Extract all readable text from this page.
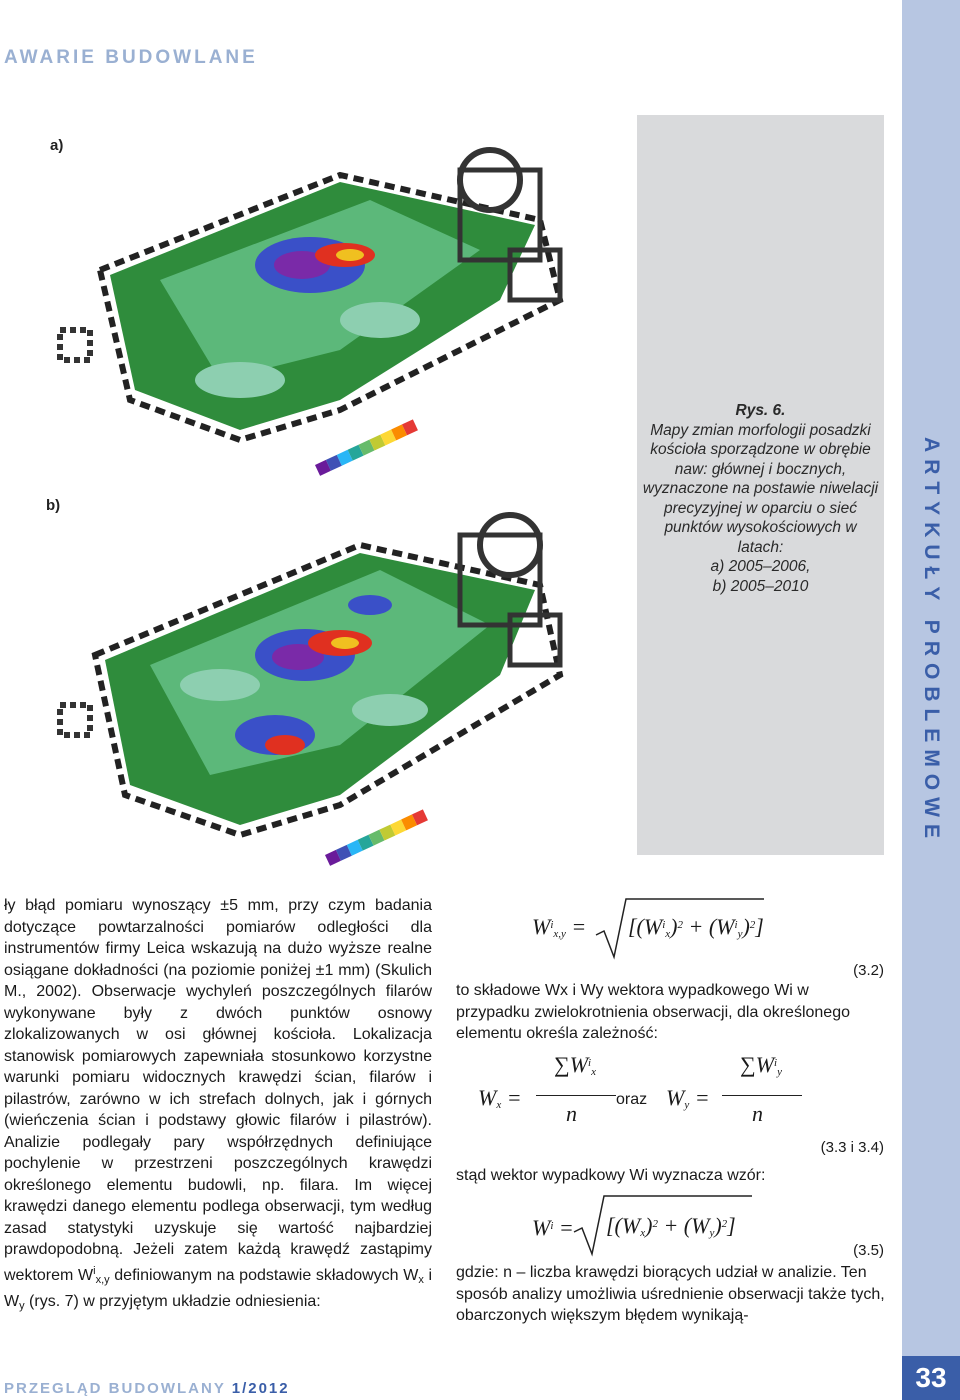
AWARIE BUDOWLANE
ARTYKUŁY PROBLEMOWE
33
PRZEGLĄD BUDOWLANY 1/2012
a)
b)
Rys. 6.

Mapy zmian morfologii posadzki kościoła sporządzone w obrębie naw: głównej i bocznych, wyznaczone na postawie niwelacji precyzyjnej w oparciu o sieć punktów wysokościowych w latach:

a) 2005–2006,

b) 2005–2010

ły błąd pomiaru wynoszący ±5 mm, przy czym badania dotyczące powtarzalności pomiarów odległości dla instrumentów firmy Leica wskazują na dużo wyższe realne osiągane dokładności (na poziomie poniżej ±1 mm) (Skulich M., 2002). Obserwacje wychyleń poszczególnych filarów wykonywane były z dwóch punktów osnowy zlokalizowanych w osi głównej kościoła. Lokalizacja stanowisk pomiarowych zapewniała stosunkowo korzystne warunki pomiaru widocznych krawędzi ścian, filarów i pilastrów, zarówno w ich strefach dolnych, jak i górnych (wieńczenia ścian i podstawy głowic filarów i pilastrów). Analizie podlegały pary współrzędnych definiujące pochylenie w przestrzeni poszczególnych krawędzi określonego elementu budowli, np. filara. Im więcej krawędzi danego elementu podlega obserwacji, tym według zasad statystyki uzyskuje się wartość najbardziej prawdopodobną. Jeżeli zatem każdą krawędź zastąpimy wektorem $W^i_{x,y}$ definiowanym na podstawie składowych $W_x$ i $W_y$ (rys. 7) w przyjętym układzie odniesienia:

$W^i_{x,y} = [(W^i_x)^2 + (W^i_y)^2]$
(3.2)

to składowe Wx i Wy wektora wypadkowego Wi w przypadku zwielokrotnienia obserwacji, dla określonego elementu określa zależność:

$W_x$ =
$\sum W^i_x$
n
oraz $W_y$ =
$\sum W^i_y$
n
(3.3 i 3.4)

stąd wektor wypadkowy Wi wyznacza wzór:

$W^i = [(W_x)^2 + (W_y)^2]$
(3.5)

gdzie: n – liczba krawędzi biorących udział w analizie. Ten sposób analizy umożliwia uśrednienie obserwacji także tych, obarczonych większym błędem wynikają-
